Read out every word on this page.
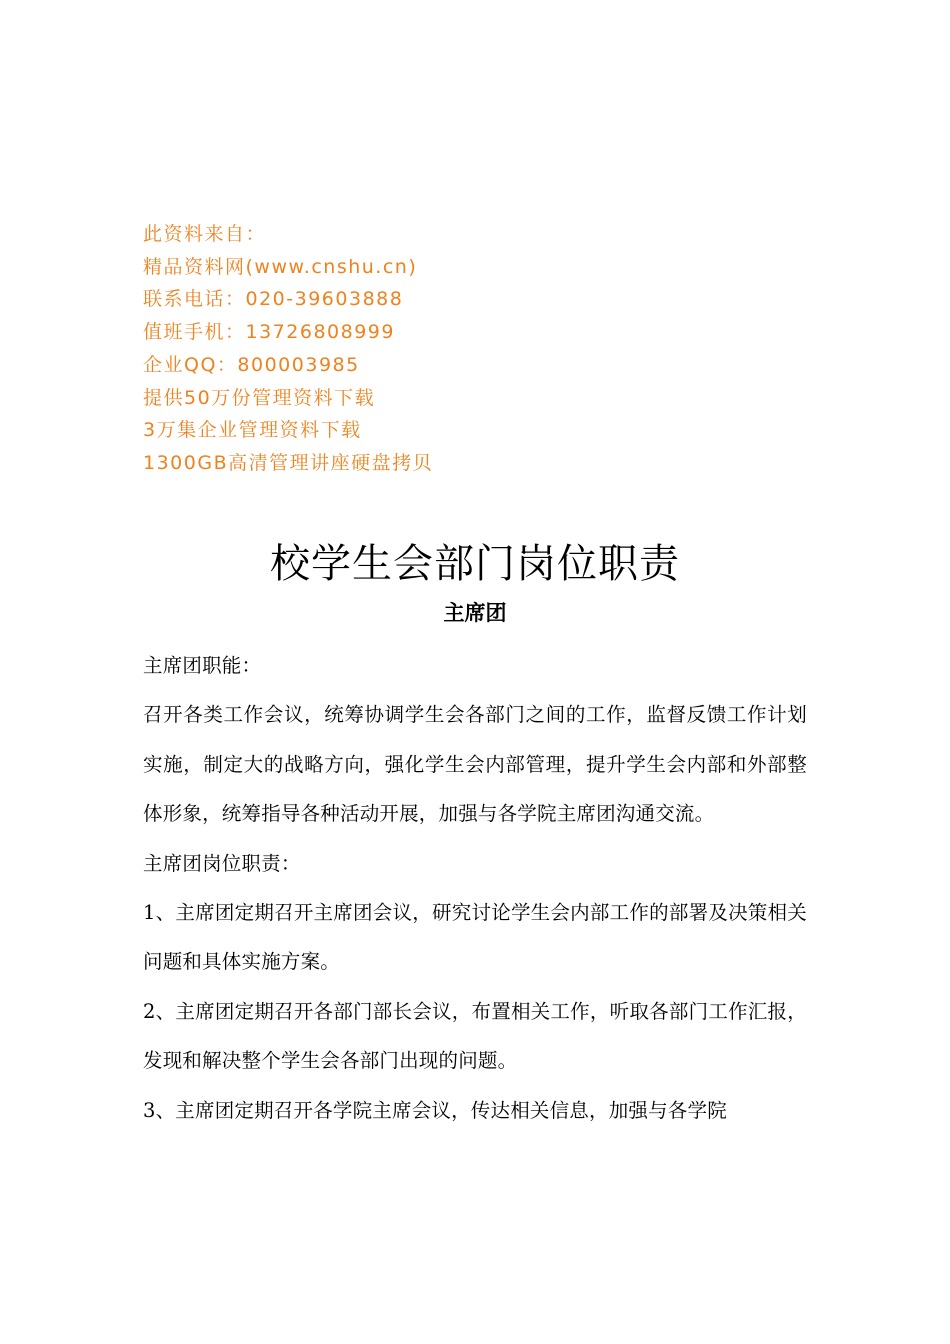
此资料来自：
精品资料网(www.cnshu.cn)
联系电话：020-39603888
值班手机：13726808999
企业QQ：800003985
提供50万份管理资料下载
3万集企业管理资料下载
1300GB高清管理讲座硬盘拷贝
校学生会部门岗位职责
主席团

主席团职能：

召开各类工作会议，统筹协调学生会各部门之间的工作，监督反馈工作计划实施，制定大的战略方向，强化学生会内部管理，提升学生会内部和外部整体形象，统筹指导各种活动开展，加强与各学院主席团沟通交流。

主席团岗位职责：

1、主席团定期召开主席团会议，研究讨论学生会内部工作的部署及决策相关问题和具体实施方案。

2、主席团定期召开各部门部长会议，布置相关工作，听取各部门工作汇报，发现和解决整个学生会各部门出现的问题。

3、主席团定期召开各学院主席会议，传达相关信息，加强与各学院
